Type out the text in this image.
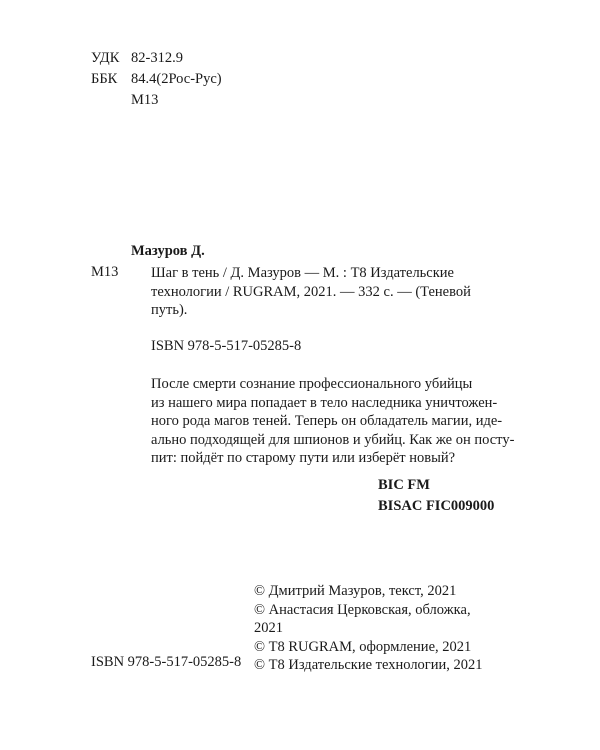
УДК 82-312.9
ББК 84.4(2Рос-Рус)
М13
Мазуров Д.
М13 Шаг в тень / Д. Мазуров — М. : Т8 Издательские
технологии / RUGRAM, 2021. — 332 с. — (Теневой
путь).
ISBN 978-5-517-05285-8
После смерти сознание профессионального убийцы
из нашего мира попадает в тело наследника уничтожен-
ного рода магов теней. Теперь он обладатель магии, иде-
ально подходящей для шпионов и убийц. Как же он посту-
пит: пойдёт по старому пути или изберёт новый?
BIC FM
BISAC FIC009000
© Дмитрий Мазуров, текст, 2021
© Анастасия Церковская, обложка,
2021
© Т8 RUGRAM, оформление, 2021
© Т8 Издательские технологии, 2021
ISBN 978-5-517-05285-8
